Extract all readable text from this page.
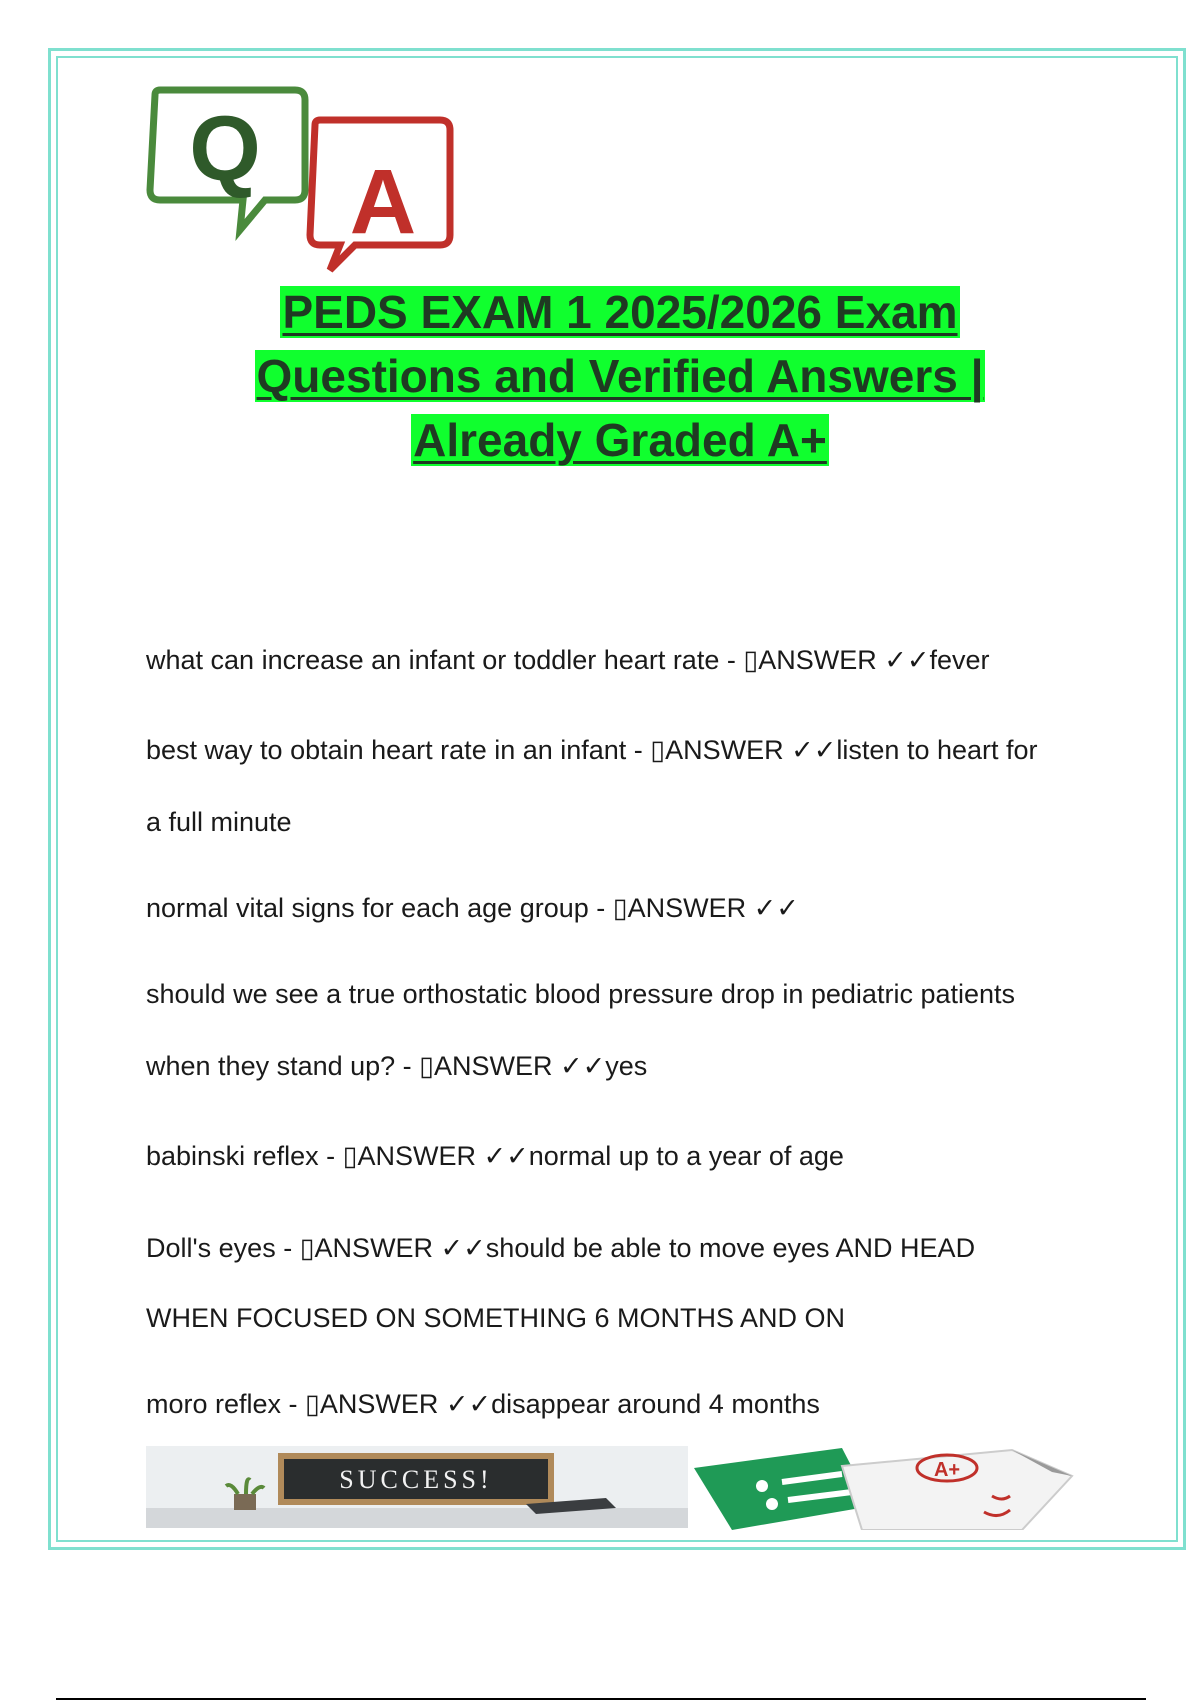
Q
A
PEDS EXAM 1 2025/2026 Exam
Questions and Verified Answers |
Already Graded A+
what can increase an infant or toddler heart rate - ▯ANSWER ✓✓fever
best way to obtain heart rate in an infant - ▯ANSWER ✓✓listen to heart for
a full minute
normal vital signs for each age group - ▯ANSWER ✓✓
should we see a true orthostatic blood pressure drop in pediatric patients
when they stand up? - ▯ANSWER ✓✓yes
babinski reflex - ▯ANSWER ✓✓normal up to a year of age
Doll's eyes - ▯ANSWER ✓✓should be able to move eyes AND HEAD
WHEN FOCUSED ON SOMETHING 6 MONTHS AND ON
moro reflex - ▯ANSWER ✓✓disappear around 4 months
SUCCESS!	A+
